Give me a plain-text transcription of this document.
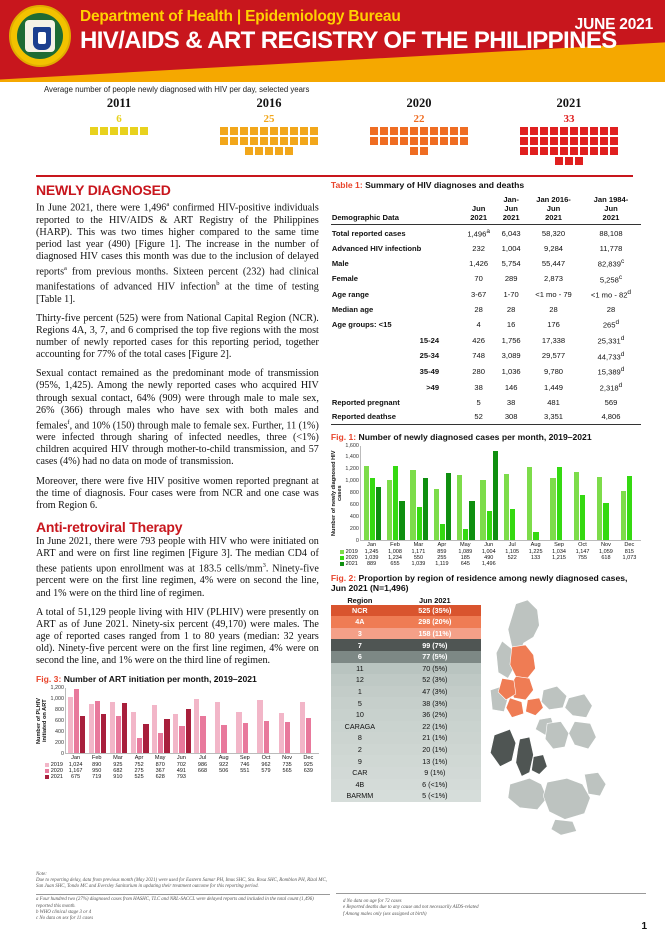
Department of Health | Epidemiology Bureau
HIV/AIDS & ART REGISTRY OF THE PHILIPPINES
JUNE 2021
Average number of people newly diagnosed with HIV per day, selected years
2011
6
2016
25
2020
22
2021
33
NEWLY DIAGNOSED

In June 2021, there were 1,496$^a$ confirmed HIV-positive individuals reported to the HIV/AIDS & ART Registry of the Philippines (HARP). This was two times higher compared to the same time period last year (490) [Figure 1]. The increase in the number of diagnosed HIV cases this month was due to the inclusion of delayed reports$^a$ from previous months. Sixteen percent (232) had clinical manifestations of advanced HIV infection$^b$ at the time of testing [Table 1].

Thirty-five percent (525) were from National Capital Region (NCR). Regions 4A, 3, 7, and 6 comprised the top five regions with the most number of newly reported cases for this reporting period, together accounting for 77% of the total cases [Figure 2].

Sexual contact remained as the predominant mode of transmission (95%, 1,425). Among the newly reported cases who acquired HIV through sexual contact, 64% (909) were through male to male sex, 26% (366) through males who have sex with both males and females$^f$, and 10% (150) through male to female sex. Further, 11 (1%) were infected through sharing of infected needles, three (<1%) children acquired HIV through mother-to-child transmission, and 57 cases (4%) had no data on mode of transmission.

Moreover, there were five HIV positive women reported pregnant at the time of diagnosis. Four cases were from NCR and one case was from Region 6.

Anti-retroviral Therapy

In June 2021, there were 793 people with HIV who were initiated on ART and were on first line regimen [Figure 3]. The median CD4 of these patients upon enrollment was at 183.5 cells/$mm^3$. Ninety-five percent were on the first line regimen, 4% were on second the line, and 1% were on the third line of regimen.

A total of 51,129 people living with HIV (PLHIV) were presently on ART as of June 2021. Ninety-six percent (49,170) were males. The age of reported cases ranged from 1 to 80 years (median: 32 years old). Ninety-five percent were on the first line regimen, 4% were on second the line, and 1% were on the third line of regimen.

Fig. 3: Number of ART initiation per month, 2019–2021
Number of PLHIV initiated on ART
0
200
400
600
800
1,000
1,200
Jan	Feb	Mar	Apr	May	Jun	Jul	Aug	Sep	Oct	Nov	Dec
2019	1,024	890	925	752	870	702	986	922	746	962	735	925
2020	1,167	950	682	275	367	491	668	506	551	579	565	639
2021	675	719	910	525	628	793
Table 1: Summary of HIV diagnoses and deaths
Demographic Data	Jun
2021	Jan-
Jun
2021	Jan 2016-
Jun
2021	Jan 1984-
Jun
2021
Total reported cases	1,496$^a$	6,043	58,320	88,108
Advanced HIV infectionb	232	1,004	9,284	11,778
Male	1,426	5,754	55,447	82,839$^c$
Female	70	289	2,873	5,258$^c$
Age range	3-67	1-70	<1 mo - 79	<1 mo - 82$^d$
Median age	28	28	28	28
Age groups: <15	4	16	176	265$^d$
15-24	426	1,756	17,338	25,331$^d$
25-34	748	3,089	29,577	44,733$^d$
35-49	280	1,036	9,780	15,389$^d$
>49	38	146	1,449	2,318$^d$
Reported pregnant	5	38	481	569
Reported deathse	52	308	3,351	4,806
Fig. 1: Number of newly diagnosed cases per month, 2019–2021
Number of newly diagnosed HIV cases
0
200
400
600
800
1,000
1,200
1,400
1,600
Jan	Feb	Mar	Apr	May	Jun	Jul	Aug	Sep	Oct	Nov	Dec
2019	1,245	1,008	1,171	859	1,089	1,004	1,105	1,225	1,034	1,147	1,059	815
2020	1,039	1,234	550	255	185	490	522	133	1,215	755	618	1,073
2021	889	655	1,039	1,119	645	1,496
Fig. 2: Proportion by region of residence among newly diagnosed cases, Jun 2021 (N=1,496)
Region	Jun 2021
NCR	525 (35%)
4A	298 (20%)
3	158 (11%)
7	99 (7%)
6	77 (5%)
11	70 (5%)
12	52 (3%)
1	47 (3%)
5	38 (3%)
10	36 (2%)
CARAGA	22 (1%)
8	21 (1%)
2	20 (1%)
9	13 (1%)
CAR	9 (1%)
4B	6 (<1%)
BARMM	5 (<1%)
Note:
Due to reporting delay, data from previous month (May 2021) were used for Eastern Samar PH, Imus SHC, Sta. Rosa SHC, Romblon PH, Rizal MC, San Juan SHC, Tondo MC and Eversley Sanitarium in updating their treatment outcome for this reporting period.
a Four hundred two (27%) diagnosed cases from HASHC, TLC and NRL-SACCL were delayed reports and included in the total count (1,496) reported this month.
b WHO clinical stage 3 or 4
c No data on sex for 11 cases
d No data on age for 72 cases
e Reported deaths due to any cause and not necessarily AIDS-related
f Among males only (sex assigned at birth)
1
